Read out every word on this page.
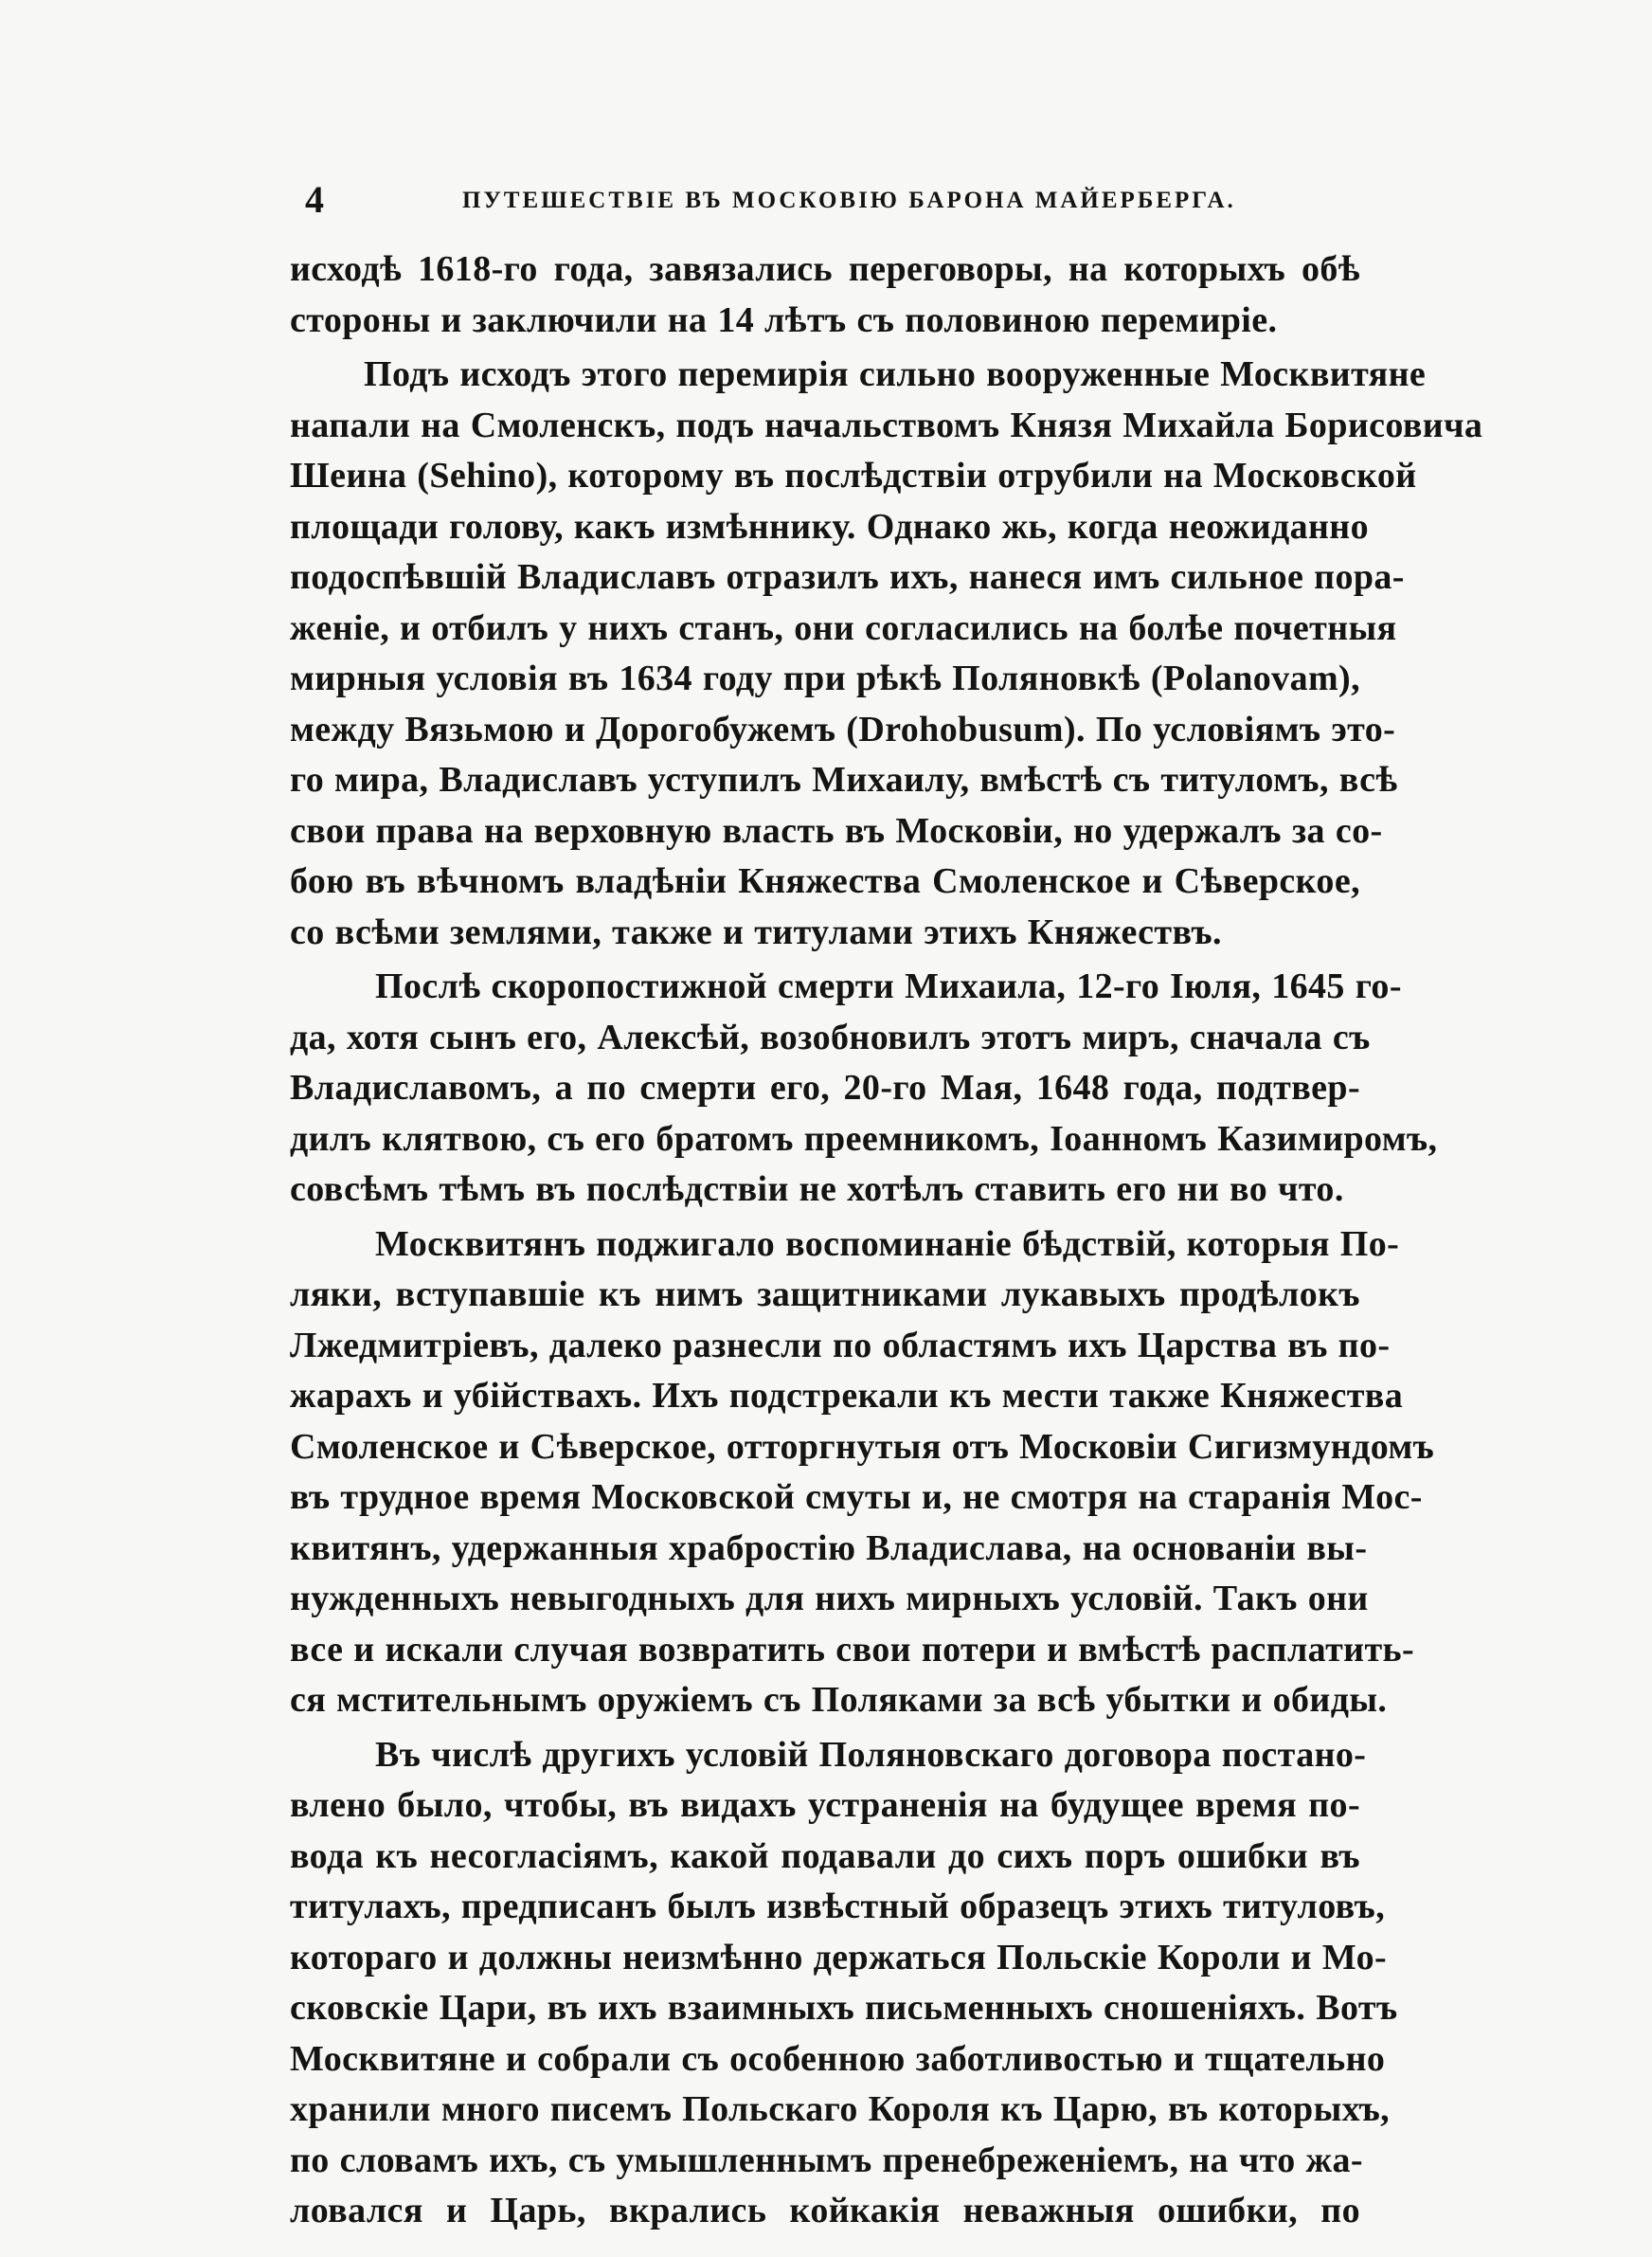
4	ПУТЕШЕСТВІЕ ВЪ МОСКОВІЮ БАРОНА МАЙЕРБЕРГА.
исходѣ 1618-го года, завязались переговоры, на которыхъ обѣ
стороны и заключили на 14 лѣтъ съ половиною перемиріе.
Подъ исходъ этого перемирія сильно вооруженные Москвитяне
напали на Смоленскъ, подъ начальствомъ Князя Михайла Борисовича
Шеина (Sehino), которому въ послѣдствіи отрубили на Московской
площади голову, какъ измѣннику. Однако жь, когда неожиданно
подоспѣвшій Владиславъ отразилъ ихъ, нанеся имъ сильное пора-
женіе, и отбилъ у нихъ станъ, они согласились на болѣе почетныя
мирныя условія въ 1634 году при рѣкѣ Поляновкѣ (Polanovam),
между Вязьмою и Дорогобужемъ (Drohobusum). По условіямъ это-
го мира, Владиславъ уступилъ Михаилу, вмѣстѣ съ титуломъ, всѣ
свои права на верховную власть въ Московіи, но удержалъ за со-
бою въ вѣчномъ владѣніи Княжества Смоленское и Сѣверское,
со всѣми землями, также и титулами этихъ Княжествъ.
Послѣ скоропостижной смерти Михаила, 12-го Іюля, 1645 го-
да, хотя сынъ его, Алексѣй, возобновилъ этотъ миръ, сначала съ
Владиславомъ, а по смерти его, 20-го Мая, 1648 года, подтвер-
дилъ клятвою, съ его братомъ преемникомъ, Іоанномъ Казимиромъ,
совсѣмъ тѣмъ въ послѣдствіи не хотѣлъ ставить его ни во что.
Москвитянъ поджигало воспоминаніе бѣдствій, которыя По-
ляки, вступавшіе къ нимъ защитниками лукавыхъ продѣлокъ
Лжедмитріевъ, далеко разнесли по областямъ ихъ Царства въ по-
жарахъ и убійствахъ. Ихъ подстрекали къ мести также Княжества
Смоленское и Сѣверское, отторгнутыя отъ Московіи Сигизмундомъ
въ трудное время Московской смуты и, не смотря на старанія Мос-
квитянъ, удержанныя храбростію Владислава, на основаніи вы-
нужденныхъ невыгодныхъ для нихъ мирныхъ условій. Такъ они
все и искали случая возвратить свои потери и вмѣстѣ расплатить-
ся мстительнымъ оружіемъ съ Поляками за всѣ убытки и обиды.
Въ числѣ другихъ условій Поляновскаго договора постано-
влено было, чтобы, въ видахъ устраненія на будущее время по-
вода къ несогласіямъ, какой подавали до сихъ поръ ошибки въ
титулахъ, предписанъ былъ извѣстный образецъ этихъ титуловъ,
котораго и должны неизмѣнно держаться Польскіе Короли и Мо-
сковскіе Цари, въ ихъ взаимныхъ письменныхъ сношеніяхъ. Вотъ
Москвитяне и собрали съ особенною заботливостью и тщательно
хранили много писемъ Польскаго Короля къ Царю, въ которыхъ,
по словамъ ихъ, съ умышленнымъ пренебреженіемъ, на что жа-
ловался и Царь, вкрались койкакія неважныя ошибки, по
